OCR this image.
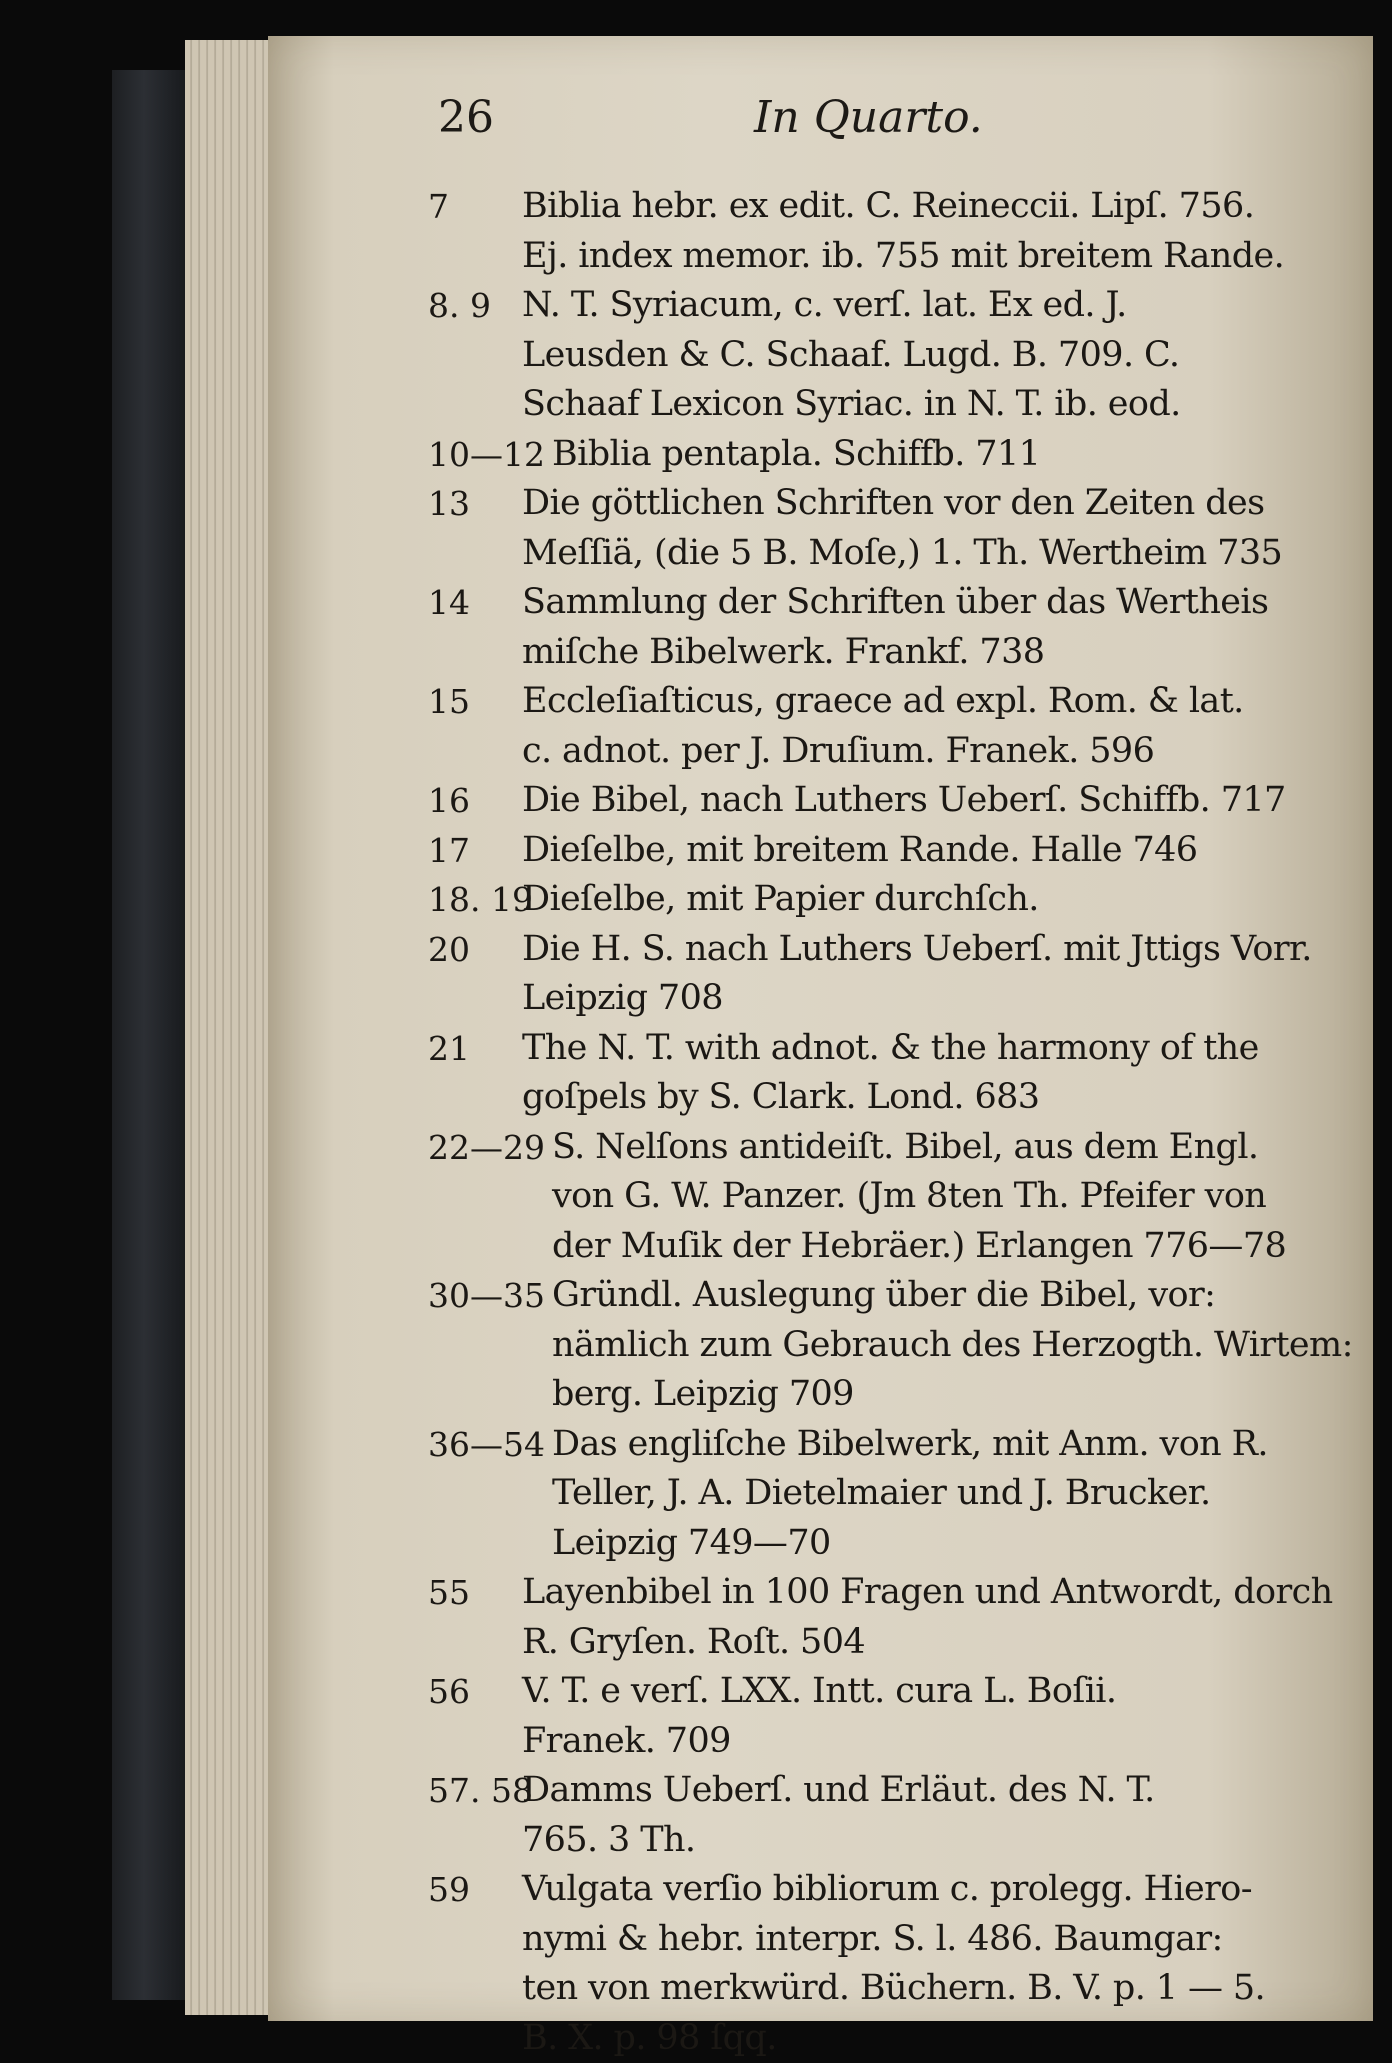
26	In Quarto.
7 Biblia hebr. ex edit. C. Reineccii. Lipſ. 756.
Ej. index memor. ib. 755 mit breitem Rande.
8. 9 N. T. Syriacum, c. verſ. lat. Ex ed. J.
Leusden & C. Schaaf. Lugd. B. 709. C.
Schaaf Lexicon Syriac. in N. T. ib. eod.
10—12 Biblia pentapla. Schiffb. 711
13 Die göttlichen Schriften vor den Zeiten des
Meſſiä, (die 5 B. Moſe,) 1. Th. Wertheim 735
14 Sammlung der Schriften über das Wertheis
miſche Bibelwerk. Frankf. 738
15 Eccleſiaſticus, graece ad expl. Rom. & lat.
c. adnot. per J. Druſium. Franek. 596
16 Die Bibel, nach Luthers Ueberſ. Schiffb. 717
17 Dieſelbe, mit breitem Rande. Halle 746
18. 19
Dieſelbe, mit Papier durchſch.
20 Die H. S. nach Luthers Ueberſ. mit Jttigs Vorr.
Leipzig 708
21 The N. T. with adnot. & the harmony of the
goſpels by S. Clark. Lond. 683
22—29 S. Nelſons antideiſt. Bibel, aus dem Engl.
von G. W. Panzer. (Jm 8ten Th. Pfeifer von
der Muſik der Hebräer.) Erlangen 776—78
30—35 Gründl. Auslegung über die Bibel, vor:
nämlich zum Gebrauch des Herzogth. Wirtem:
berg. Leipzig 709
36—54 Das engliſche Bibelwerk, mit Anm. von R.
Teller, J. A. Dietelmaier und J. Brucker.
Leipzig 749—70
55 Layenbibel in 100 Fragen und Antwordt, dorch
R. Gryſen. Roſt. 504
56 V. T. e verſ. LXX. Intt. cura L. Boſii.
Franek. 709
57. 58
Damms Ueberſ. und Erläut. des N. T.
765. 3 Th.
59 Vulgata verſio bibliorum c. prolegg. Hiero-
nymi & hebr. interpr. S. l. 486. Baumgar:
ten von merkwürd. Büchern. B. V. p. 1 — 5.
B. X. p. 98 ſqq.
